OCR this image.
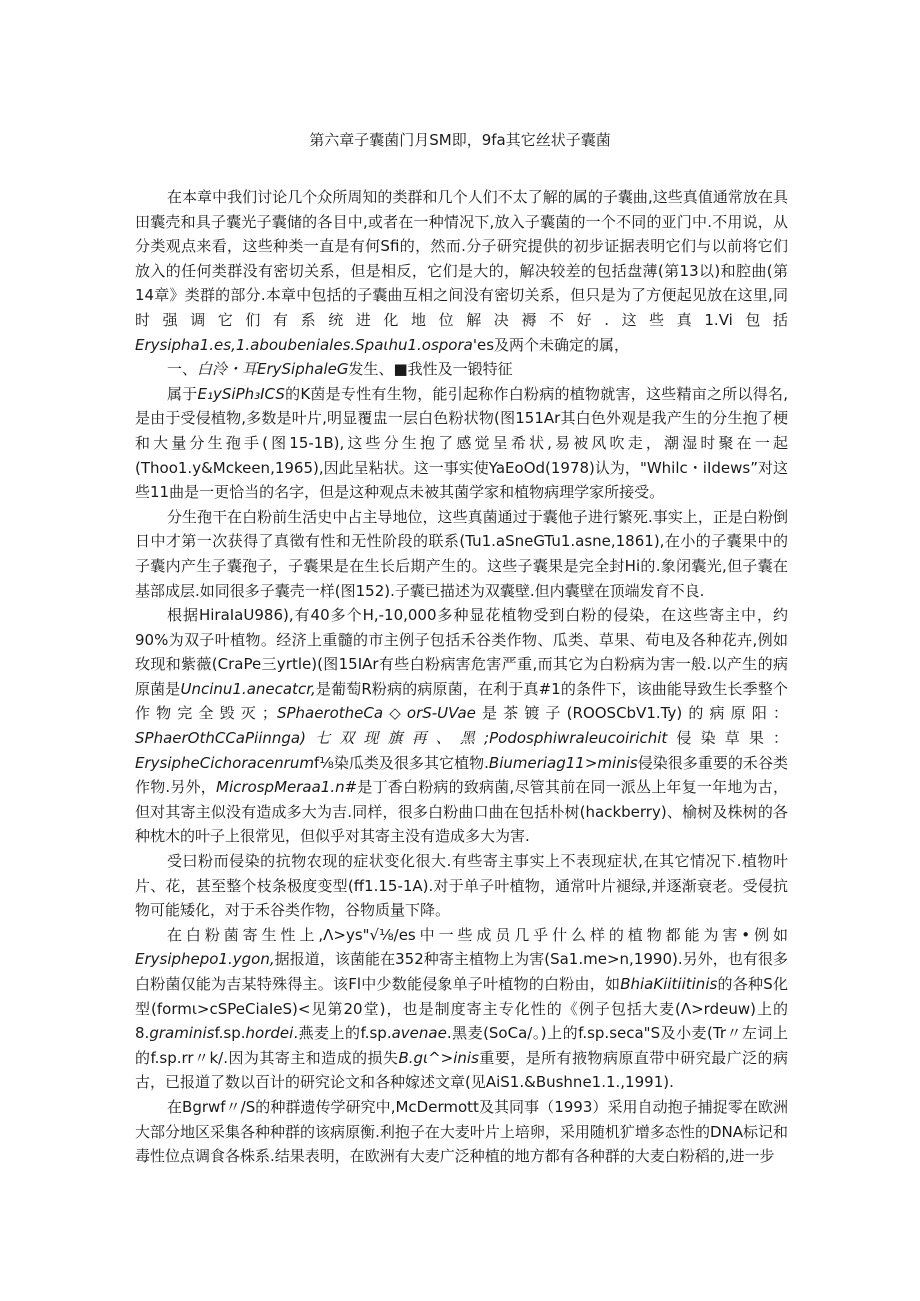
第六章子囊菌门月SM即，9fa其它丝状子囊菌

在本章中我们讨论几个众所周知的类群和几个人们不太了解的属的子囊曲,这些真值通常放在具田囊壳和具子囊光子囊储的各目中,或者在一种情况下,放入子囊菌的一个不同的亚门中.不用说，从分类观点来看，这些种类一直是有何Sfi的，然而.分子研究提供的初步证据表明它们与以前将它们放入的任何类群没有密切关系，但是相反，它们是大的，解决较差的包括盘薄(第13以)和腔曲(第14章》类群的部分.本章中包括的子囊曲互相之间没有密切关系，但只是为了方便起见放在这里,同时强调它们有系统进化地位解决褥不好.这些真1.Vi包括Erysipha1.es,1.aboubeniales.Spaιhu1.ospora'es及两个未确定的属，

一、白泠・耳ErySiphaleG发生、■我性及一锻特征

属于E₁ySiPh₃ICS的K茵是专性有生物，能引起称作白粉病的植物就害，这些精亩之所以得名,是由于受侵植物,多数是叶片,明显覆盅一层白色粉状物(图151Ar其白色外观是我产生的分生抱了梗和大量分生孢手(图15-1B),这些分生抱了感觉呈希状,易被风吹走，潮湿时聚在一起(Thoo1.y&Mckeen,1965),因此呈粘状。这一事实使YaEoOd(1978)认为，"Whilc・iIdews”对这些11曲是一更恰当的名字，但是这种观点未被其菌学家和植物病理学家所接受。

分生孢干在白粉前生活史中占主导地位，这些真菌通过于囊他子进行繁死.事实上，正是白粉倒日中才第一次获得了真徵有性和无性阶段的联系(Tu1.aSneGTu1.asne,1861),在小的子囊果中的子囊内产生子囊孢子，子囊果是在生长后期产生的。这些子囊果是完全封Hi的.象闭囊光,但子囊在基部成层.如同很多子囊壳一样(图152).子囊已描述为双囊壁.但内囊壁在顶端发育不良.

根据HiraIaU986),有40多个H,-10,000多种显花植物受到白粉的侵染，在这些寄主中，约90%为双子叶植物。经济上重髓的市主例子包括禾谷类作物、瓜类、草果、荀电及各种花卉,例如玫现和紫薇(CraPe三yrtle)(图15IAr有些白粉病害危害严重,而其它为白粉病为害一般.以产生的病原菌是Uncinu1.anecatcr,是葡萄R粉病的病原菌，在利于真#1的条件下，该曲能导致生长季整个作物完全毁灭；SPhaerotheCa◇orS-UVae是茶镀子(ROOSCbV1.Ty)的病原阳：SPhaerOthCCaPiinnga)七双现旗再、黑;Podosphiwraleucoirichit侵染草果：ErysipheCichoracenrumf⅛染瓜类及很多其它植物.Biumeriag11>minis侵染很多重要的禾谷类作物.另外，MicrospMeraa1.n#是丁香白粉病的致病菌,尽管其前在同一派丛上年复一年地为古，但对其寄主似没有造成多大为吉.同样，很多白粉曲口曲在包括朴树(hackberry)、榆树及株树的各种枕木的叶子上很常见，但似乎对其寄主没有造成多大为害.

受曰粉而侵染的抗物农现的症状变化很大.有些寄主事实上不表现症状,在其它情况下.植物叶片、花，甚至整个枝条极度变型(ff1.15-1A).对于单子叶植物，通常叶片褪绿,并逐渐衰老。受侵抗物可能矮化，对于禾谷类作物，谷物质量下降。

在白粉菌寄生性上,Λ>ys"√⅛/es中一些成员几乎什么样的植物都能为害•例如Erysiphepo1.ygon,据报道，该菌能在352种寄主植物上为害(Sa1.me>n,1990).另外，也有很多白粉菌仅能为吉某特殊得主。该Fl中少数能侵象单子叶植物的白粉由，如BhiaKiitiitinis的各种S化型(formι>cSPeCiaIeS)<见第20堂)，也是制度寄主专化性的《例子包括大麦(Λ>rdeuw)上的8.graminisf.sp.hordei.燕麦上的f.sp.avenae.黑麦(SoCa/。)上的f.sp.seca"S及小麦(Tr〃左词上的f.sp.rr〃k/.因为其寄主和造成的损失B.gι^>inis重要，是所有掖物病原直带中研究最广泛的病古，已报道了数以百计的研究论文和各种嫁述文章(见AiS1.&Bushne1.1.,1991).

在Bgrwf〃/S的种群遗传学研究中,McDermott及其同事（1993）采用自动抱子捕捉零在欧洲大部分地区采集各种种群的该病原衡.利抱子在大麦叶片上培卵，采用随机犷增多态性的DNA标记和毒性位点调食各株系.结果表明，在欧洲有大麦广泛种植的地方都有各种群的大麦白粉稻的,进一步
